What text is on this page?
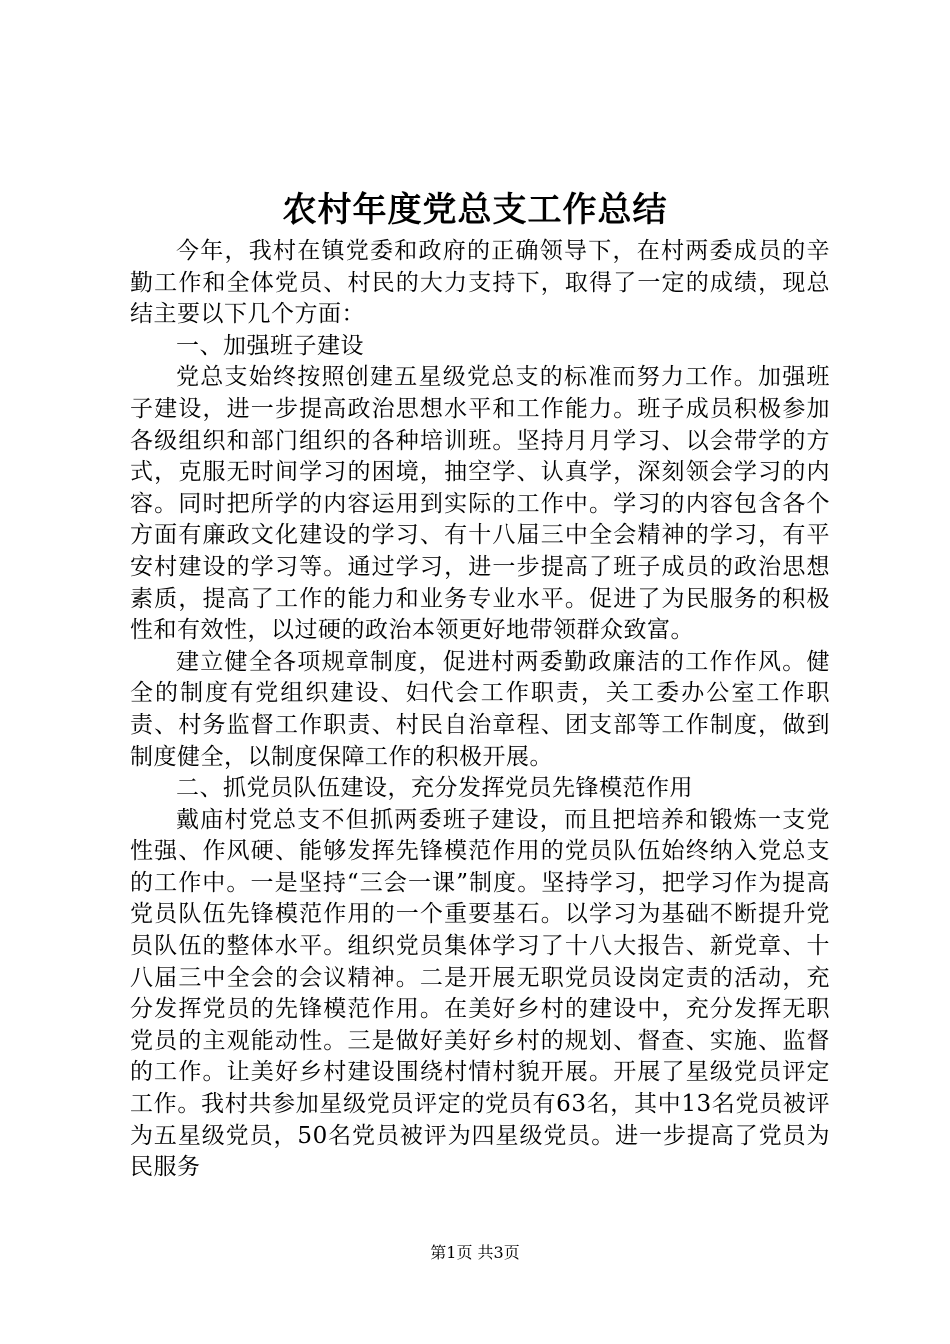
农村年度党总支工作总结

今年，我村在镇党委和政府的正确领导下，在村两委成员的辛勤工作和全体党员、村民的大力支持下，取得了一定的成绩，现总结主要以下几个方面：

一、加强班子建设

党总支始终按照创建五星级党总支的标准而努力工作。加强班子建设，进一步提高政治思想水平和工作能力。班子成员积极参加各级组织和部门组织的各种培训班。坚持月月学习、以会带学的方式，克服无时间学习的困境，抽空学、认真学，深刻领会学习的内容。同时把所学的内容运用到实际的工作中。学习的内容包含各个方面有廉政文化建设的学习、有十八届三中全会精神的学习，有平安村建设的学习等。通过学习，进一步提高了班子成员的政治思想素质，提高了工作的能力和业务专业水平。促进了为民服务的积极性和有效性，以过硬的政治本领更好地带领群众致富。

建立健全各项规章制度，促进村两委勤政廉洁的工作作风。健全的制度有党组织建设、妇代会工作职责，关工委办公室工作职责、村务监督工作职责、村民自治章程、团支部等工作制度，做到制度健全，以制度保障工作的积极开展。

二、抓党员队伍建设，充分发挥党员先锋模范作用

戴庙村党总支不但抓两委班子建设，而且把培养和锻炼一支党性强、作风硬、能够发挥先锋模范作用的党员队伍始终纳入党总支的工作中。一是坚持“三会一课”制度。坚持学习，把学习作为提高党员队伍先锋模范作用的一个重要基石。以学习为基础不断提升党员队伍的整体水平。组织党员集体学习了十八大报告、新党章、十八届三中全会的会议精神。二是开展无职党员设岗定责的活动，充分发挥党员的先锋模范作用。在美好乡村的建设中，充分发挥无职党员的主观能动性。三是做好美好乡村的规划、督查、实施、监督的工作。让美好乡村建设围绕村情村貌开展。开展了星级党员评定工作。我村共参加星级党员评定的党员有63名，其中13名党员被评为五星级党员，50名党员被评为四星级党员。进一步提高了党员为民服务

第1页 共3页
